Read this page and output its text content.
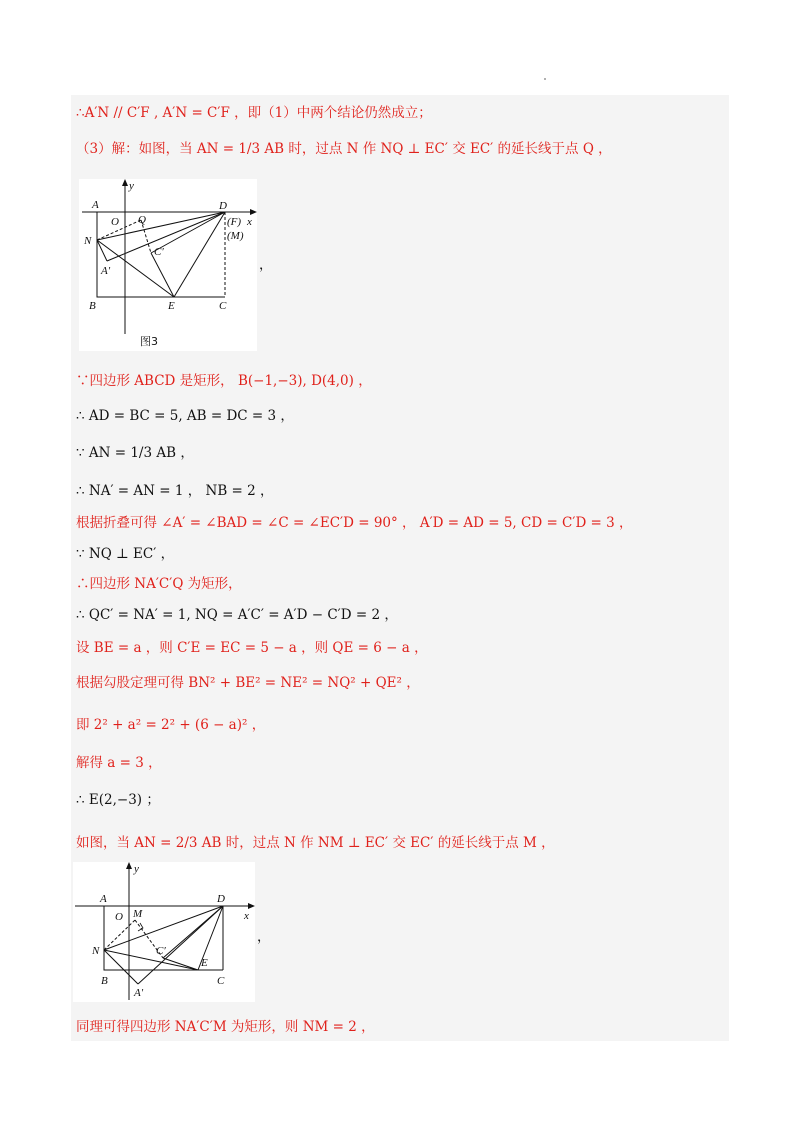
∴A′N // C′F , A′N = C′F ，即（1）中两个结论仍然成立；
（3）解：如图，当 AN = 1/3 AB 时，过点 N 作 NQ ⊥ EC′ 交 EC′ 的延长线于点 Q ，
y
x
A
O Q
D
(F)
(M)
N
C′
A′
B	E	C
图3
，
∵四边形 ABCD 是矩形， B(−1,−3), D(4,0) ，
∴ AD = BC = 5, AB = DC = 3 ，
∵ AN = 1/3 AB ，
∴ NA′ = AN = 1 ， NB = 2 ，
根据折叠可得 ∠A′ = ∠BAD = ∠C = ∠EC′D = 90° ， A′D = AD = 5, CD = C′D = 3 ，
∵ NQ ⊥ EC′ ，
∴四边形 NA′C′Q 为矩形，
∴ QC′ = NA′ = 1, NQ = A′C′ = A′D − C′D = 2 ，
设 BE = a ，则 C′E = EC = 5 − a ，则 QE = 6 − a ，
根据勾股定理可得 BN² + BE² = NE² = NQ² + QE² ，
即 2² + a² = 2² + (6 − a)² ，
解得 a = 3 ，
∴ E(2,−3) ；
如图，当 AN = 2/3 AB 时，过点 N 作 NM ⊥ EC′ 交 EC′ 的延长线于点 M ，
y
x
A
O M
D
N	C′
E
B
A′
C
，
同理可得四边形 NA′C′M 为矩形，则 NM = 2 ，
